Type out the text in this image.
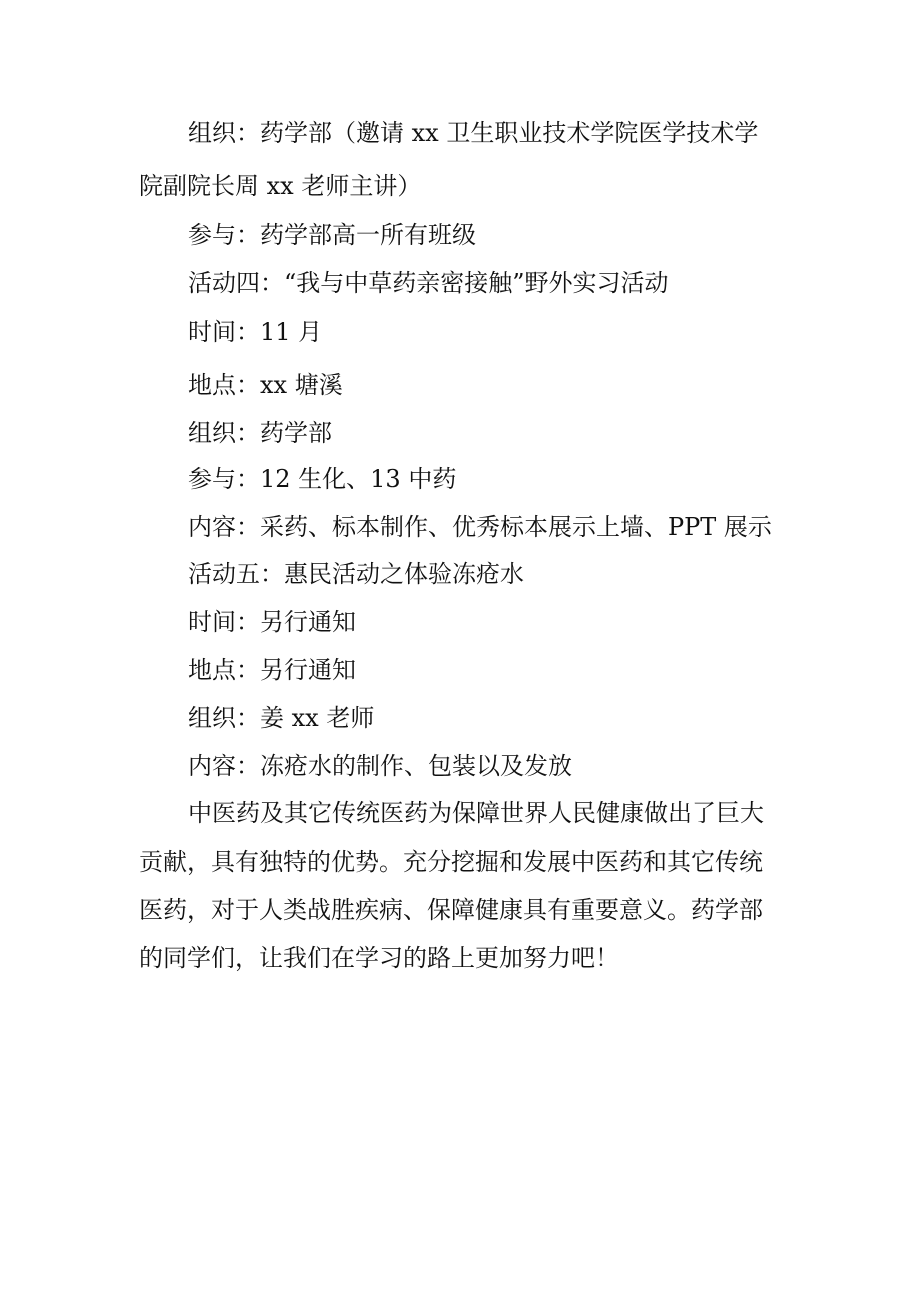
组织：药学部（邀请 xx 卫生职业技术学院医学技术学
院副院长周 xx 老师主讲）
参与：药学部高一所有班级
活动四：“我与中草药亲密接触”野外实习活动
时间：11 月
地点：xx 塘溪
组织：药学部
参与：12 生化、13 中药
内容：采药、标本制作、优秀标本展示上墙、PPT 展示
活动五：惠民活动之体验冻疮水
时间：另行通知
地点：另行通知
组织：姜 xx 老师
内容：冻疮水的制作、包装以及发放
中医药及其它传统医药为保障世界人民健康做出了巨大
贡献，具有独特的优势。充分挖掘和发展中医药和其它传统
医药，对于人类战胜疾病、保障健康具有重要意义。药学部
的同学们，让我们在学习的路上更加努力吧！
